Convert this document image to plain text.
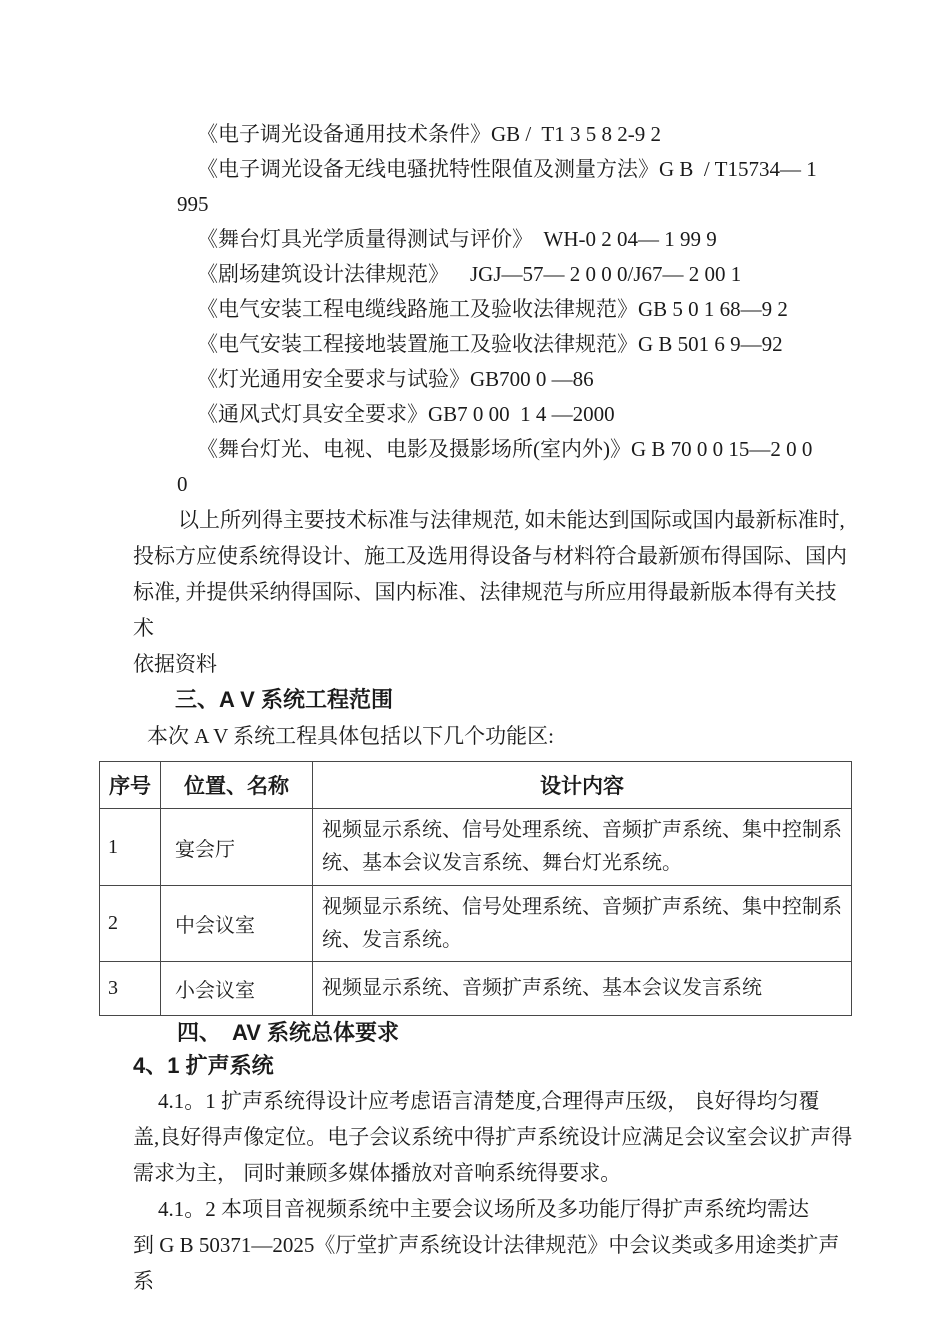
《电子调光设备通用技术条件》GB /  T1 3 5 8 2-9 2
《电子调光设备无线电骚扰特性限值及测量方法》G B  / T15734— 1
995
《舞台灯具光学质量得测试与评价》  WH-0 2 04— 1 99 9
《剧场建筑设计法律规范》    JGJ—57— 2 0 0 0/J67— 2 00 1
《电气安装工程电缆线路施工及验收法律规范》GB 5 0 1 68—9 2
《电气安装工程接地装置施工及验收法律规范》G B 501 6 9—92
《灯光通用安全要求与试验》GB700 0 —86
《通风式灯具安全要求》GB7 0 00  1 4 —2000
《舞台灯光、电视、电影及摄影场所(室内外)》G B 70 0 0 15—2 0 0
0
以上所列得主要技术标准与法律规范, 如未能达到国际或国内最新标准时,
投标方应使系统得设计、施工及选用得设备与材料符合最新颁布得国际、国内
标准, 并提供采纳得国际、国内标准、法律规范与所应用得最新版本得有关技术
依据资料
三、A V 系统工程范围
本次 A V 系统工程具体包括以下几个功能区:
序号	位置、名称	设计内容
1	宴会厅	视频显示系统、信号处理系统、音频扩声系统、集中控制系统、基本会议发言系统、舞台灯光系统。
2	中会议室	视频显示系统、信号处理系统、音频扩声系统、集中控制系统、发言系统。
3	小会议室	视频显示系统、音频扩声系统、基本会议发言系统
四、　AV 系统总体要求
4、1 扩声系统
4.1。1 扩声系统得设计应考虑语言清楚度,合理得声压级， 良好得均匀覆
盖,良好得声像定位。电子会议系统中得扩声系统设计应满足会议室会议扩声得
需求为主， 同时兼顾多媒体播放对音响系统得要求。
4.1。2 本项目音视频系统中主要会议场所及多功能厅得扩声系统均需达
到 G B 50371—2025《厅堂扩声系统设计法律规范》中会议类或多用途类扩声系
